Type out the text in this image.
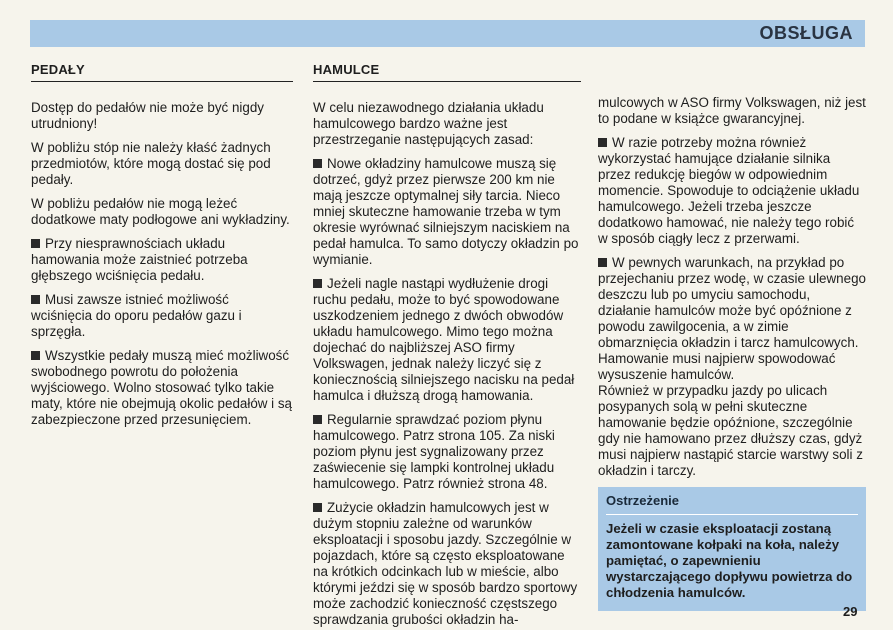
OBSŁUGA
PEDAŁY

Dostęp do pedałów nie może być nigdy utrudniony!

W pobliżu stóp nie należy kłaść żadnych przedmiotów, które mogą dostać się pod pedały.

W pobliżu pedałów nie mogą leżeć dodatkowe maty podłogowe ani wykładziny.

Przy niesprawnościach układu hamowania może zaistnieć potrzeba głębszego wciśnięcia pedału.

Musi zawsze istnieć możliwość wciśnięcia do oporu pedałów gazu i sprzęgła.

Wszystkie pedały muszą mieć możliwość swobodnego powrotu do położenia wyjściowego. Wolno stosować tylko takie maty, które nie obejmują okolic pedałów i są zabezpieczone przed przesunięciem.

HAMULCE

W celu niezawodnego działania układu hamulcowego bardzo ważne jest przestrzeganie następujących zasad:

Nowe okładziny hamulcowe muszą się dotrzeć, gdyż przez pierwsze 200 km nie mają jeszcze optymalnej siły tarcia. Nieco mniej skuteczne hamowanie trzeba w tym okresie wyrównać silniejszym naciskiem na pedał hamulca. To samo dotyczy okładzin po wymianie.

Jeżeli nagle nastąpi wydłużenie drogi ruchu pedału, może to być spowodowane uszkodzeniem jednego z dwóch obwodów układu hamulcowego. Mimo tego można dojechać do najbliższej ASO firmy Volkswagen, jednak należy liczyć się z koniecznością silniejszego nacisku na pedał hamulca i dłuższą drogą hamowania.

Regularnie sprawdzać poziom płynu hamulcowego. Patrz strona 105. Za niski poziom płynu jest sygnalizowany przez zaświecenie się lampki kontrolnej układu hamulcowego. Patrz również strona 48.

Zużycie okładzin hamulcowych jest w dużym stopniu zależne od warunków eksploatacji i sposobu jazdy. Szczególnie w pojazdach, które są często eksploatowane na krótkich odcinkach lub w mieście, albo którymi jeździ się w sposób bardzo sportowy może zachodzić konieczność częstszego sprawdzania grubości okładzin ha-

mulcowych w ASO firmy Volkswagen, niż jest to podane w książce gwarancyjnej.

W razie potrzeby można również wykorzystać hamujące działanie silnika przez redukcję biegów w odpowiednim momencie. Spowoduje to odciążenie układu hamulcowego. Jeżeli trzeba jeszcze dodatkowo hamować, nie należy tego robić w sposób ciągły lecz z przerwami.

W pewnych warunkach, na przykład po przejechaniu przez wodę, w czasie ulewnego deszczu lub po umyciu samochodu, działanie hamulców może być opóźnione z powodu zawilgocenia, a w zimie obmarznięcia okładzin i tarcz hamulcowych. Hamowanie musi najpierw spowodować wysuszenie hamulców.

Również w przypadku jazdy po ulicach posypanych solą w pełni skuteczne hamowanie będzie opóźnione, szczególnie gdy nie hamowano przez dłuższy czas, gdyż musi najpierw nastąpić starcie warstwy soli z okładzin i tarczy.

Ostrzeżenie
Jeżeli w czasie eksploatacji zostaną zamontowane kołpaki na koła, należy pamiętać, o zapewnieniu wystarczającego dopływu powietrza do chłodzenia hamulców.
29
